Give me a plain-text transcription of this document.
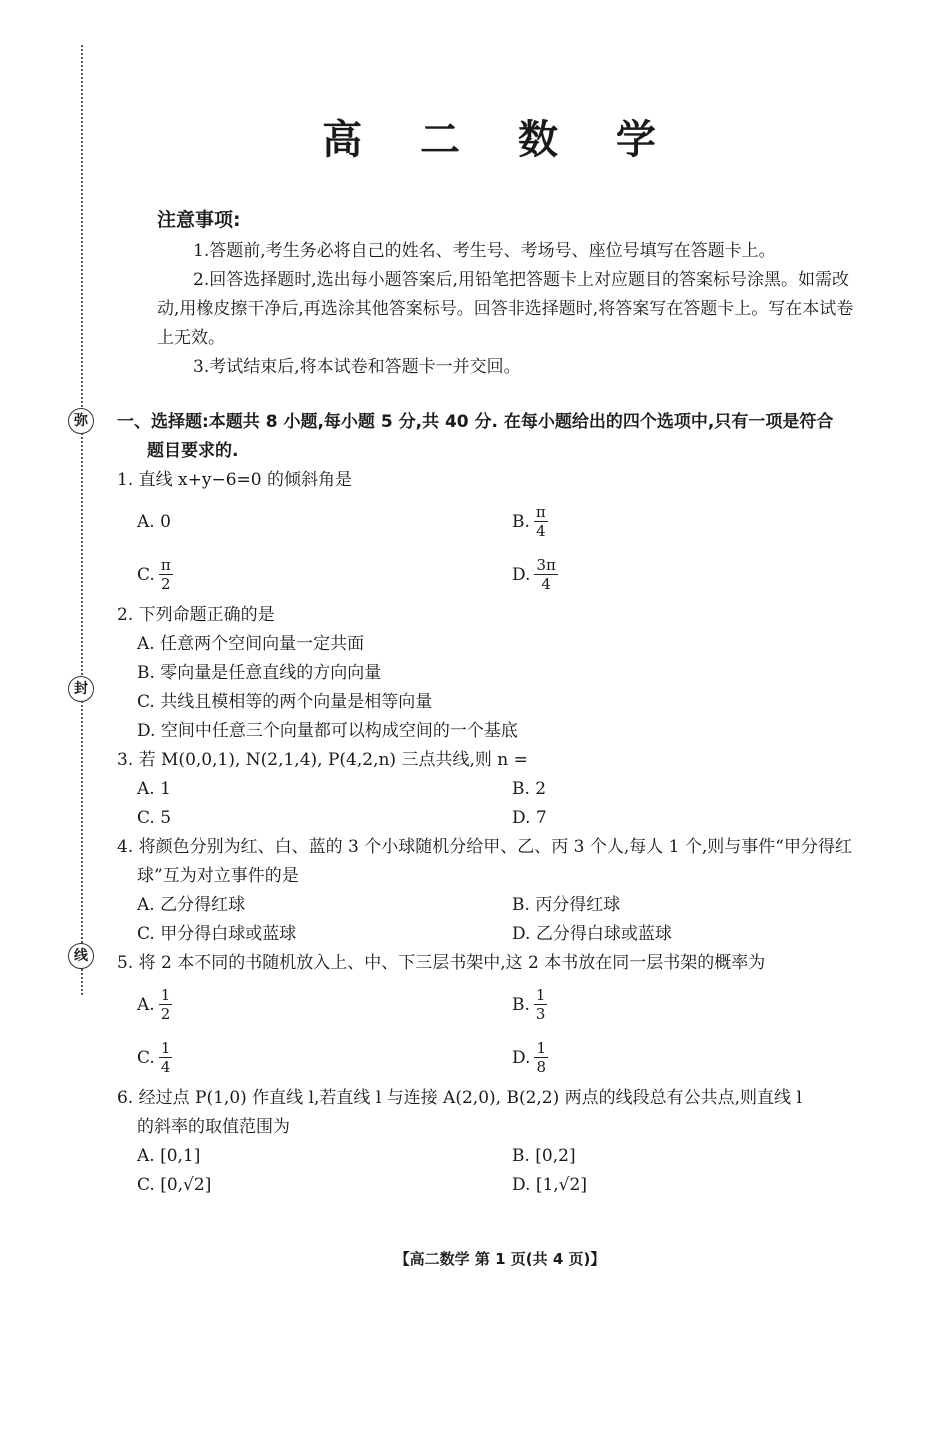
弥
封
线
高 二 数 学
注意事项:

1.答题前,考生务必将自己的姓名、考生号、考场号、座位号填写在答题卡上。

2.回答选择题时,选出每小题答案后,用铅笔把答题卡上对应题目的答案标号涂黑。如需改动,用橡皮擦干净后,再选涂其他答案标号。回答非选择题时,将答案写在答题卡上。写在本试卷上无效。

3.考试结束后,将本试卷和答题卡一并交回。

一、选择题:本题共 8 小题,每小题 5 分,共 40 分. 在每小题给出的四个选项中,只有一项是符合
题目要求的.
1. 直线 x+y−6=0 的倾斜角是
A. 0	B. $\frac{\pi}{4}$
C. $\frac{\pi}{2}$	D. $\frac{3\pi}{4}$
2. 下列命题正确的是
A. 任意两个空间向量一定共面
B. 零向量是任意直线的方向向量
C. 共线且模相等的两个向量是相等向量
D. 空间中任意三个向量都可以构成空间的一个基底
3. 若 M(0,0,1), N(2,1,4), P(4,2,n) 三点共线,则 n =
A. 1	B. 2
C. 5	D. 7
4. 将颜色分别为红、白、蓝的 3 个小球随机分给甲、乙、丙 3 个人,每人 1 个,则与事件“甲分得红
球”互为对立事件的是
A. 乙分得红球	B. 丙分得红球
C. 甲分得白球或蓝球	D. 乙分得白球或蓝球
5. 将 2 本不同的书随机放入上、中、下三层书架中,这 2 本书放在同一层书架的概率为
A. $\frac{1}{2}$	B. $\frac{1}{3}$
C. $\frac{1}{4}$	D. $\frac{1}{8}$
6. 经过点 P(1,0) 作直线 l,若直线 l 与连接 A(2,0), B(2,2) 两点的线段总有公共点,则直线 l
的斜率的取值范围为
A. [0,1]	B. [0,2]
C. [0,√2]	D. [1,√2]
【高二数学 第 1 页(共 4 页)】
